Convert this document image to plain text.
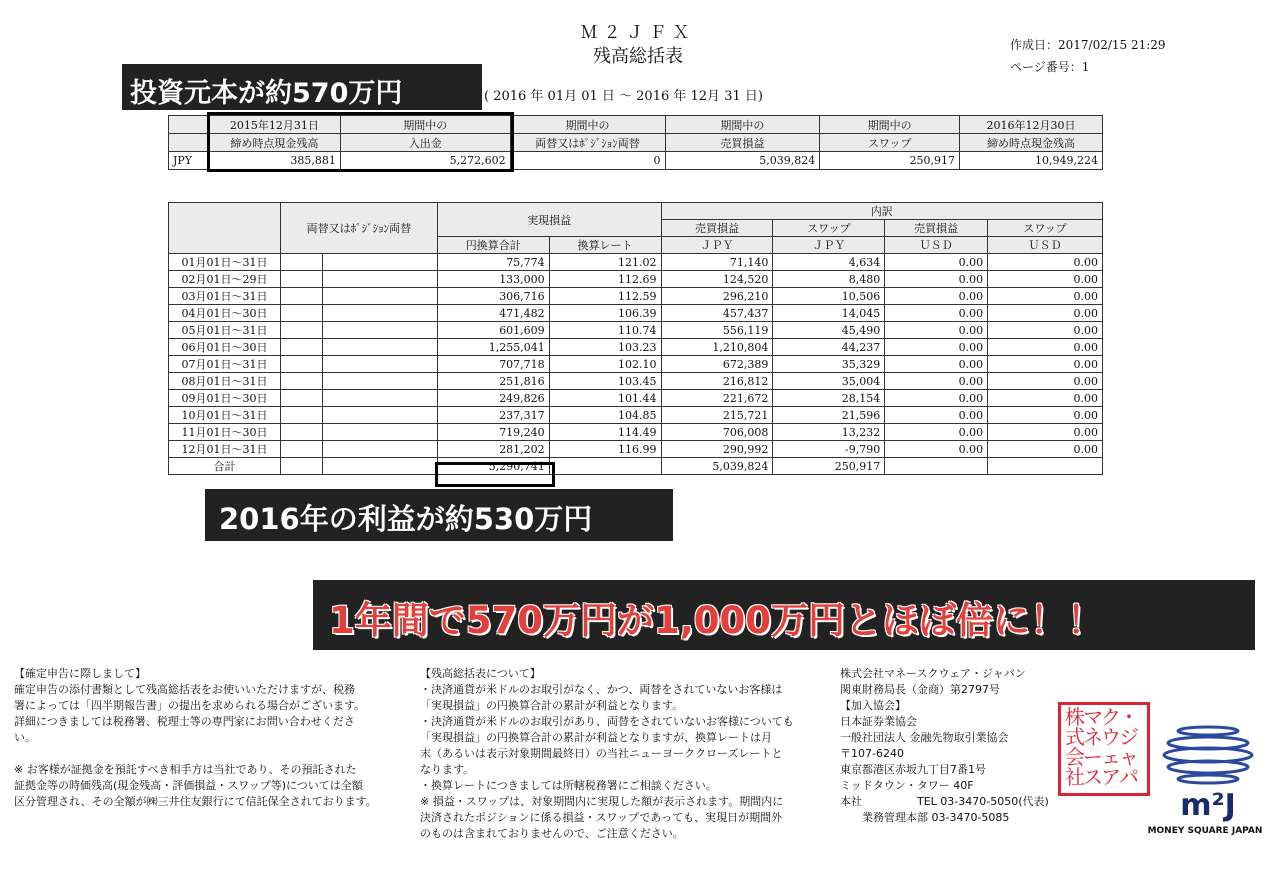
Ｍ２ＪＦＸ
残高総括表
作成日：2017/02/15 21:29
ページ番号：1
( 2016 年 01月 01 日 ～ 2016 年 12月 31 日)
投資元本が約570万円
	2015年12月31日	期間中の	期間中の	期間中の	期間中の	2016年12月30日
	締め時点現金残高	入出金	両替又はﾎﾟｼﾞｼｮﾝ両替	売買損益	スワップ	締め時点現金残高
JPY	385,881	5,272,602	0	5,039,824	250,917	10,949,224
	両替又はﾎﾟｼﾞｼｮﾝ両替		実現損益		内訳			
					売買損益	スワップ	売買損益	スワップ
			円換算合計	換算レート	ＪＰＹ	ＪＰＹ	ＵＳＤ	ＵＳＤ
01月01日～31日			75,774	121.02	71,140	4,634	0.00	0.00
02月01日～29日			133,000	112.69	124,520	8,480	0.00	0.00
03月01日～31日			306,716	112.59	296,210	10,506	0.00	0.00
04月01日～30日			471,482	106.39	457,437	14,045	0.00	0.00
05月01日～31日			601,609	110.74	556,119	45,490	0.00	0.00
06月01日～30日			1,255,041	103.23	1,210,804	44,237	0.00	0.00
07月01日～31日			707,718	102.10	672,389	35,329	0.00	0.00
08月01日～31日			251,816	103.45	216,812	35,004	0.00	0.00
09月01日～30日			249,826	101.44	221,672	28,154	0.00	0.00
10月01日～31日			237,317	104.85	215,721	21,596	0.00	0.00
11月01日～30日			719,240	114.49	706,008	13,232	0.00	0.00
12月01日～31日			281,202	116.99	290,992	-9,790	0.00	0.00
合計			5,290,741		5,039,824	250,917		
2016年の利益が約530万円
1年間で570万円が1,000万円とほぼ倍に！！
【確定申告に際しまして】
確定申告の添付書類として残高総括表をお使いいただけますが、税務
署によっては「四半期報告書」の提出を求められる場合がございます。
詳細につきましては税務署、税理士等の専門家にお問い合わせくださ
い。
※ お客様が証拠金を預託すべき相手方は当社であり、その預託された
証拠金等の時価残高(現金残高・評価損益・スワップ等)については全額
区分管理され、その全額が㈱三井住友銀行にて信託保全されております。
【残高総括表について】
・決済通貨が米ドルのお取引がなく、かつ、両替をされていないお客様は
「実現損益」の円換算合計の累計が利益となります。
・決済通貨が米ドルのお取引があり、両替をされていないお客様についても
「実現損益」の円換算合計の累計が利益となりますが、換算レートは月
末（あるいは表示対象期間最終日）の当社ニューヨーククローズレートと
なります。
・換算レートにつきましては所轄税務署にご相談ください。
※ 損益・スワップは、対象期間内に実現した額が表示されます。期間内に
決済されたポジションに係る損益・スワップであっても、実現日が期間外
のものは含まれておりませんので、ご注意ください。
株式会社マネースクウェア・ジャパン
関東財務局長（金商）第2797号
【加入協会】
日本証券業協会
一般社団法人 金融先物取引業協会
〒107-6240
東京都港区赤坂九丁目7番1号
ミッドタウン・タワー 40F
本社　　　　　TEL 03-3470-5050(代表)
　　業務管理本部 03-3470-5085
株
式
会
社マ
ネ
ー
スク
ウ
ェ
ア・
ジ
ャ
パ
m²J
MONEY SQUARE JAPAN
